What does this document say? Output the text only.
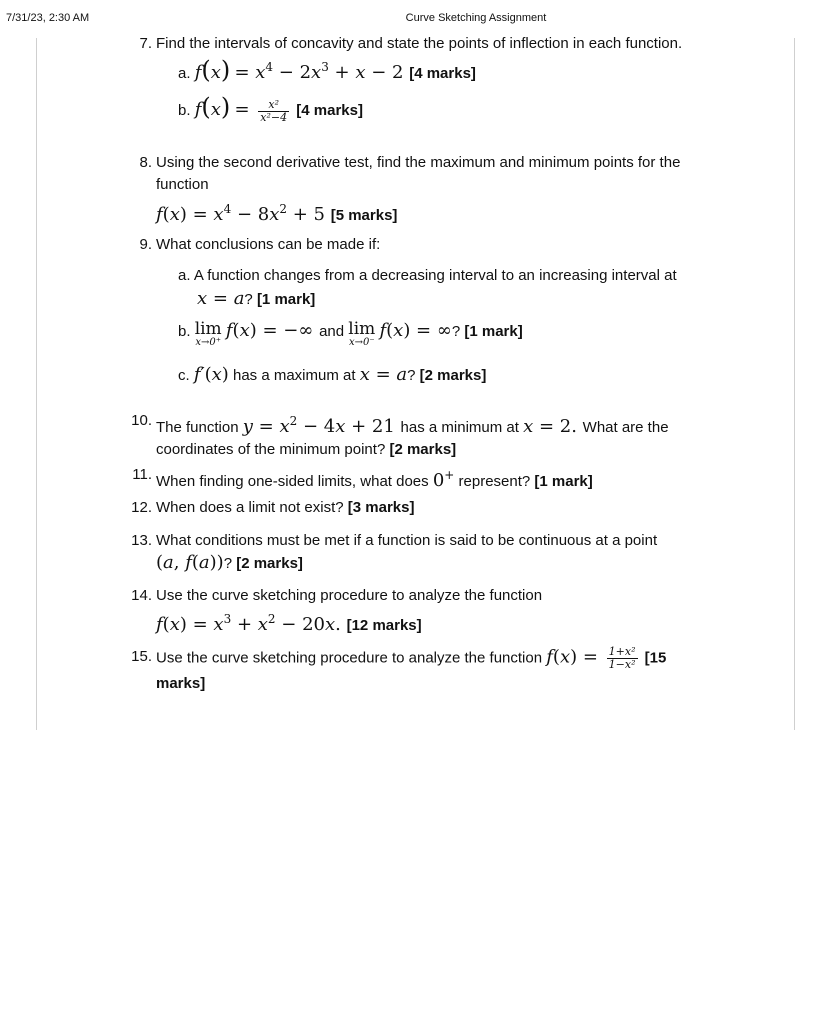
7/31/23, 2:30 AM	Curve Sketching Assignment
7. Find the intervals of concavity and state the points of inflection in each function.
a. $f(x) = x^4 - 2x^3 + x - 2$ [4 marks]
b. $f(x) = \frac{\text{x²}}{\text{x²−4}} [4$ marks]
8. Using the second derivative test, find the maximum and minimum points for the function
$f(x) = x^4 - 8x^2 + 5$ [5 marks]
9. What conclusions can be made if:
a. A function changes from a decreasing interval to an increasing interval at
x = a? [1 mark]
b. lim
x→0⁺
f(x) = −∞ and lim
x→0⁻
f(x) = ∞? [1 mark]
c. f′(x) has a maximum at x = a? [2 marks]
10. The function $y = x^2 - 4x + 21$ has a minimum at x = 2. What are the
coordinates of the minimum point? [2 marks]
11. When finding one-sided limits, what does 0+ represent? [1 mark]
12. When does a limit not exist? [3 marks]
13. What conditions must be met if a function is said to be continuous at a point
(a, f(a))? [2 marks]
14. Use the curve sketching procedure to analyze the function
$f(x) = x^3 + x^2 - 20x$. [12 marks]
15. Use the curve sketching procedure to analyze the function $f(x) = \frac{\text{1+x²}}{\text{1−x²}} [15$
marks]
